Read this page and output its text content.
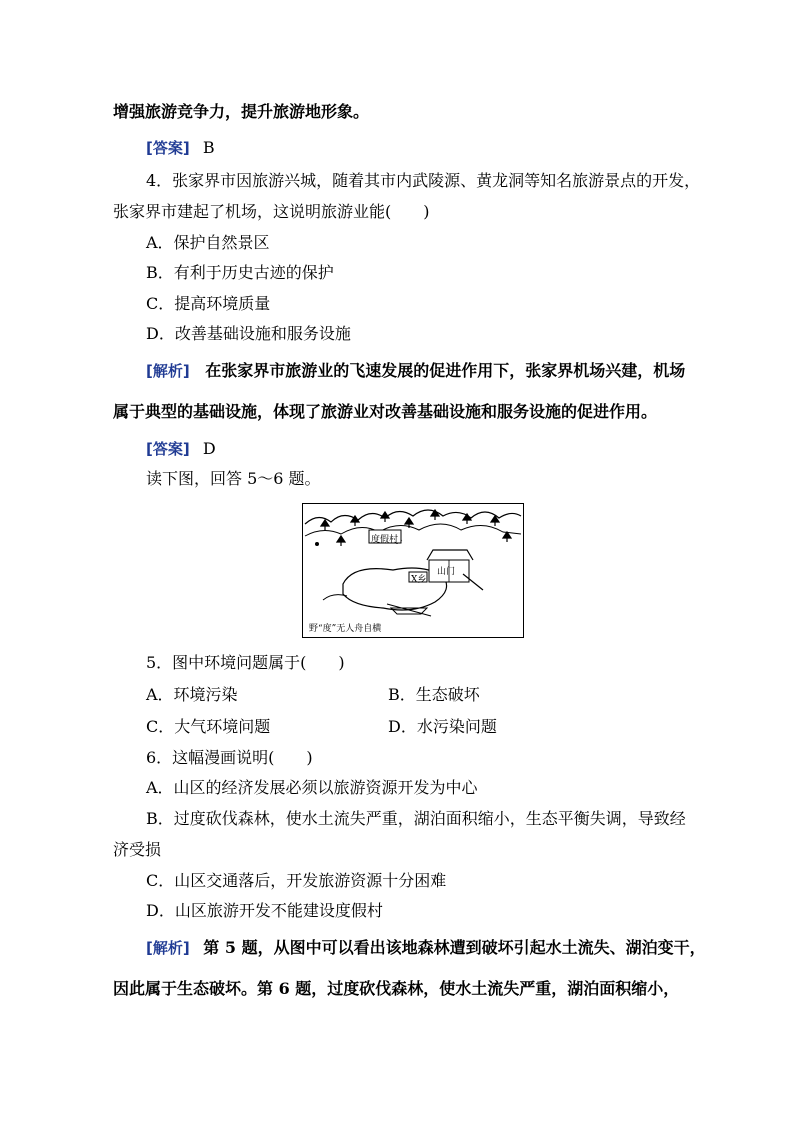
增强旅游竞争力，提升旅游地形象。
[答案] B
4．张家界市因旅游兴城，随着其市内武陵源、黄龙洞等知名旅游景点的开发，
张家界市建起了机场，这说明旅游业能(　　)
A．保护自然景区
B．有利于历史古迹的保护
C．提高环境质量
D．改善基础设施和服务设施
[解析] 在张家界市旅游业的飞速发展的促进作用下，张家界机场兴建，机场
属于典型的基础设施，体现了旅游业对改善基础设施和服务设施的促进作用。
[答案] D
读下图，回答 5～6 题。
度假村
X乡
山门
野“度”无人舟自横
5．图中环境问题属于(　　)
A．环境污染	B．生态破坏
C．大气环境问题	D．水污染问题
6．这幅漫画说明(　　)
A．山区的经济发展必须以旅游资源开发为中心
B．过度砍伐森林，使水土流失严重，湖泊面积缩小，生态平衡失调，导致经
济受损
C．山区交通落后，开发旅游资源十分困难
D．山区旅游开发不能建设度假村
[解析] 第 5 题，从图中可以看出该地森林遭到破坏引起水土流失、湖泊变干，
因此属于生态破坏。第 6 题，过度砍伐森林，使水土流失严重，湖泊面积缩小，
